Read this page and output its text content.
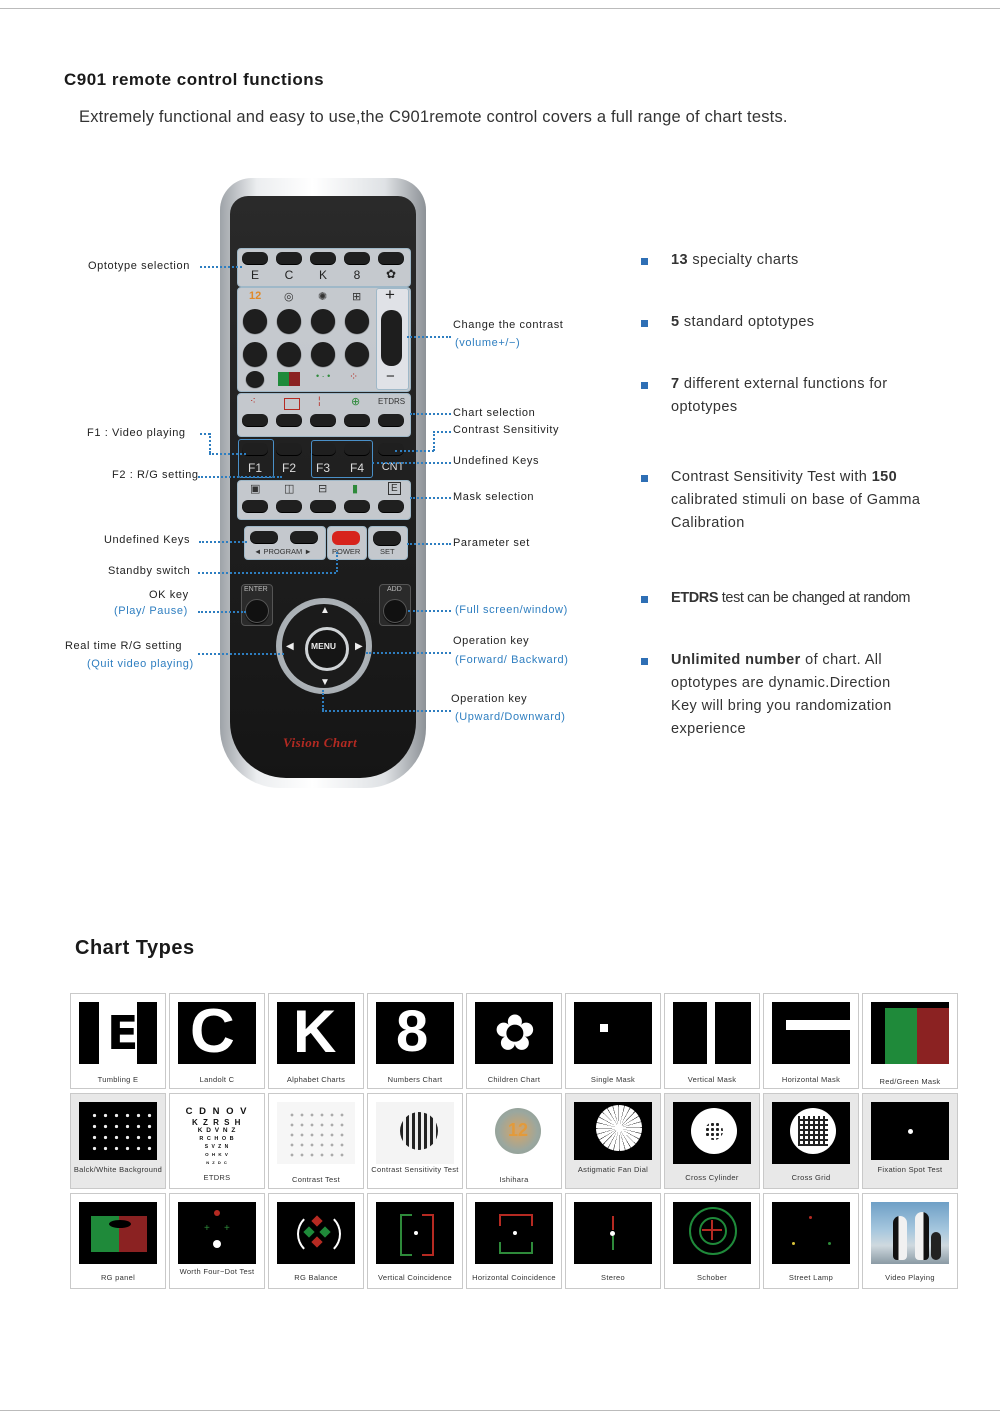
C901 remote control functions
Extremely functional and easy to use,the C901remote control covers a full range of chart tests.
E	C	K	8	✿
12 ◎ ✺ ⊞
• · • ⁘
+
−
⁖	¦	⊕ ETDRS
F1	F2	F3	F4	CNT
▣ ◫ ⊟ ▮	E
◄ PROGRAM ►	POWER	SET
ENTER	ADD
MENU
▲
▼
◀	▶
Vision Chart
Optotype selection
F1 : Video playing
F2 : R/G setting
Undefined Keys
Standby switch
OK key
(Play/ Pause)
Real time R/G setting
(Quit video playing)
Change the contrast
(volume+/−)
Chart selection
Contrast Sensitivity
Undefined Keys
Mask selection
Parameter set
(Full screen/window)
Operation key
(Forward/ Backward)
Operation key
(Upward/Downward)
13 specialty charts
5 standard optotypes
7 different external functions for optotypes
Contrast Sensitivity Test with 150 calibrated stimuli on base of Gamma Calibration
ETDRS test can be changed at random
Unlimited number of chart. All optotypes are dynamic.Direction Key will bring you randomization experience
Chart Types
E
Tumbling E
C
Landolt C
K
Alphabet Charts
8
Numbers Chart
✿
Children Chart	Single Mask	Vertical Mask	Horizontal Mask	Red/Green Mask
Balck/White Background
C D N O V
K Z R S H
K D V N Z
R C H O B
S V Z N
O H K V
N Z D C
ETDRS	Contrast Test
Contrast Sensitivity Test
12
Ishihara
Astigmatic Fan Dial
Cross Cylinder	Cross Grid
Fixation Spot Test
RG panel
+ +
Worth Four−Dot Test
RG Balance	Vertical Coincidence	Horizontal Coincidence	Stereo	Schober	Street Lamp	Video Playing
